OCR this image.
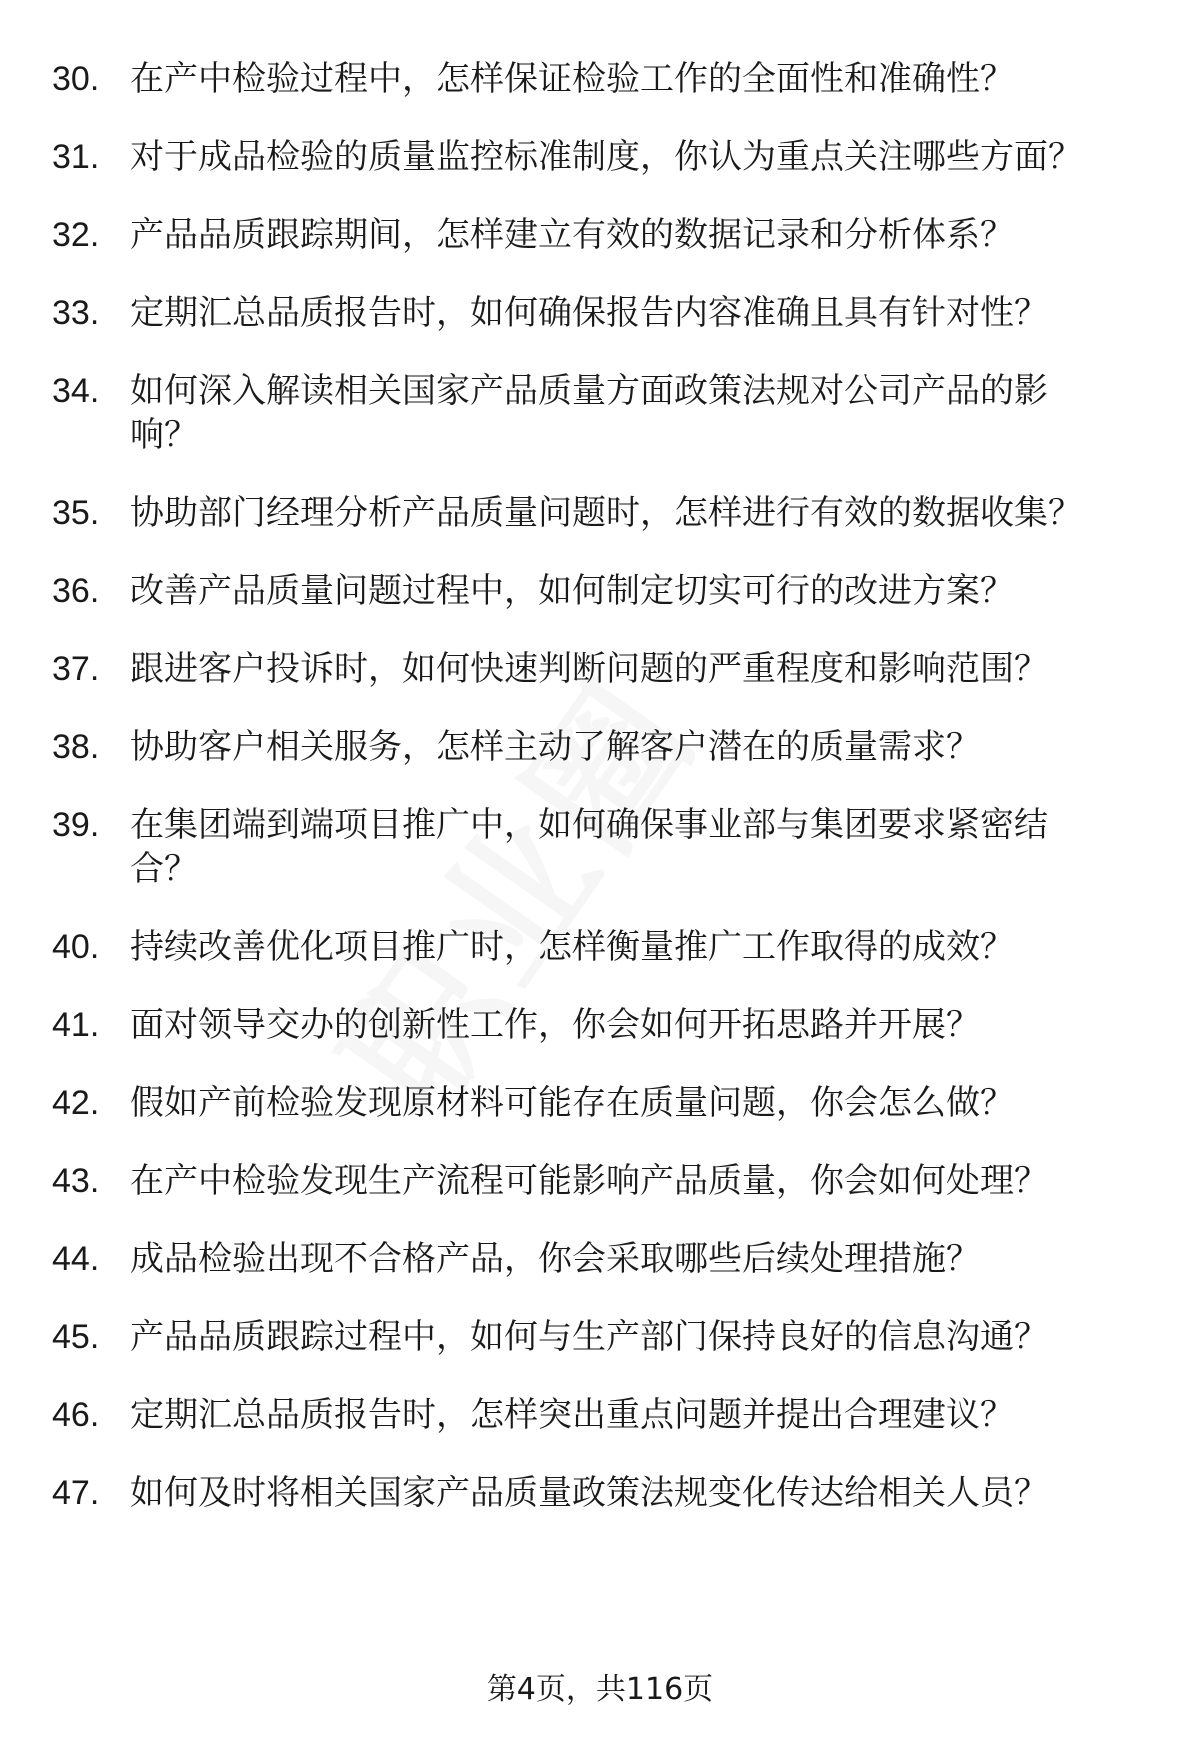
30. 在产中检验过程中，怎样保证检验工作的全面性和准确性？
31. 对于成品检验的质量监控标准制度，你认为重点关注哪些方面？
32. 产品品质跟踪期间，怎样建立有效的数据记录和分析体系？
33. 定期汇总品质报告时，如何确保报告内容准确且具有针对性？
34. 如何深入解读相关国家产品质量方面政策法规对公司产品的影响？
35. 协助部门经理分析产品质量问题时，怎样进行有效的数据收集？
36. 改善产品质量问题过程中，如何制定切实可行的改进方案？
37. 跟进客户投诉时，如何快速判断问题的严重程度和影响范围？
38. 协助客户相关服务，怎样主动了解客户潜在的质量需求？
39. 在集团端到端项目推广中，如何确保事业部与集团要求紧密结合？
40. 持续改善优化项目推广时，怎样衡量推广工作取得的成效？
41. 面对领导交办的创新性工作，你会如何开拓思路并开展？
42. 假如产前检验发现原材料可能存在质量问题，你会怎么做？
43. 在产中检验发现生产流程可能影响产品质量，你会如何处理？
44. 成品检验出现不合格产品，你会采取哪些后续处理措施？
45. 产品品质跟踪过程中，如何与生产部门保持良好的信息沟通？
46. 定期汇总品质报告时，怎样突出重点问题并提出合理建议？
47. 如何及时将相关国家产品质量政策法规变化传达给相关人员？
第4页，共116页
